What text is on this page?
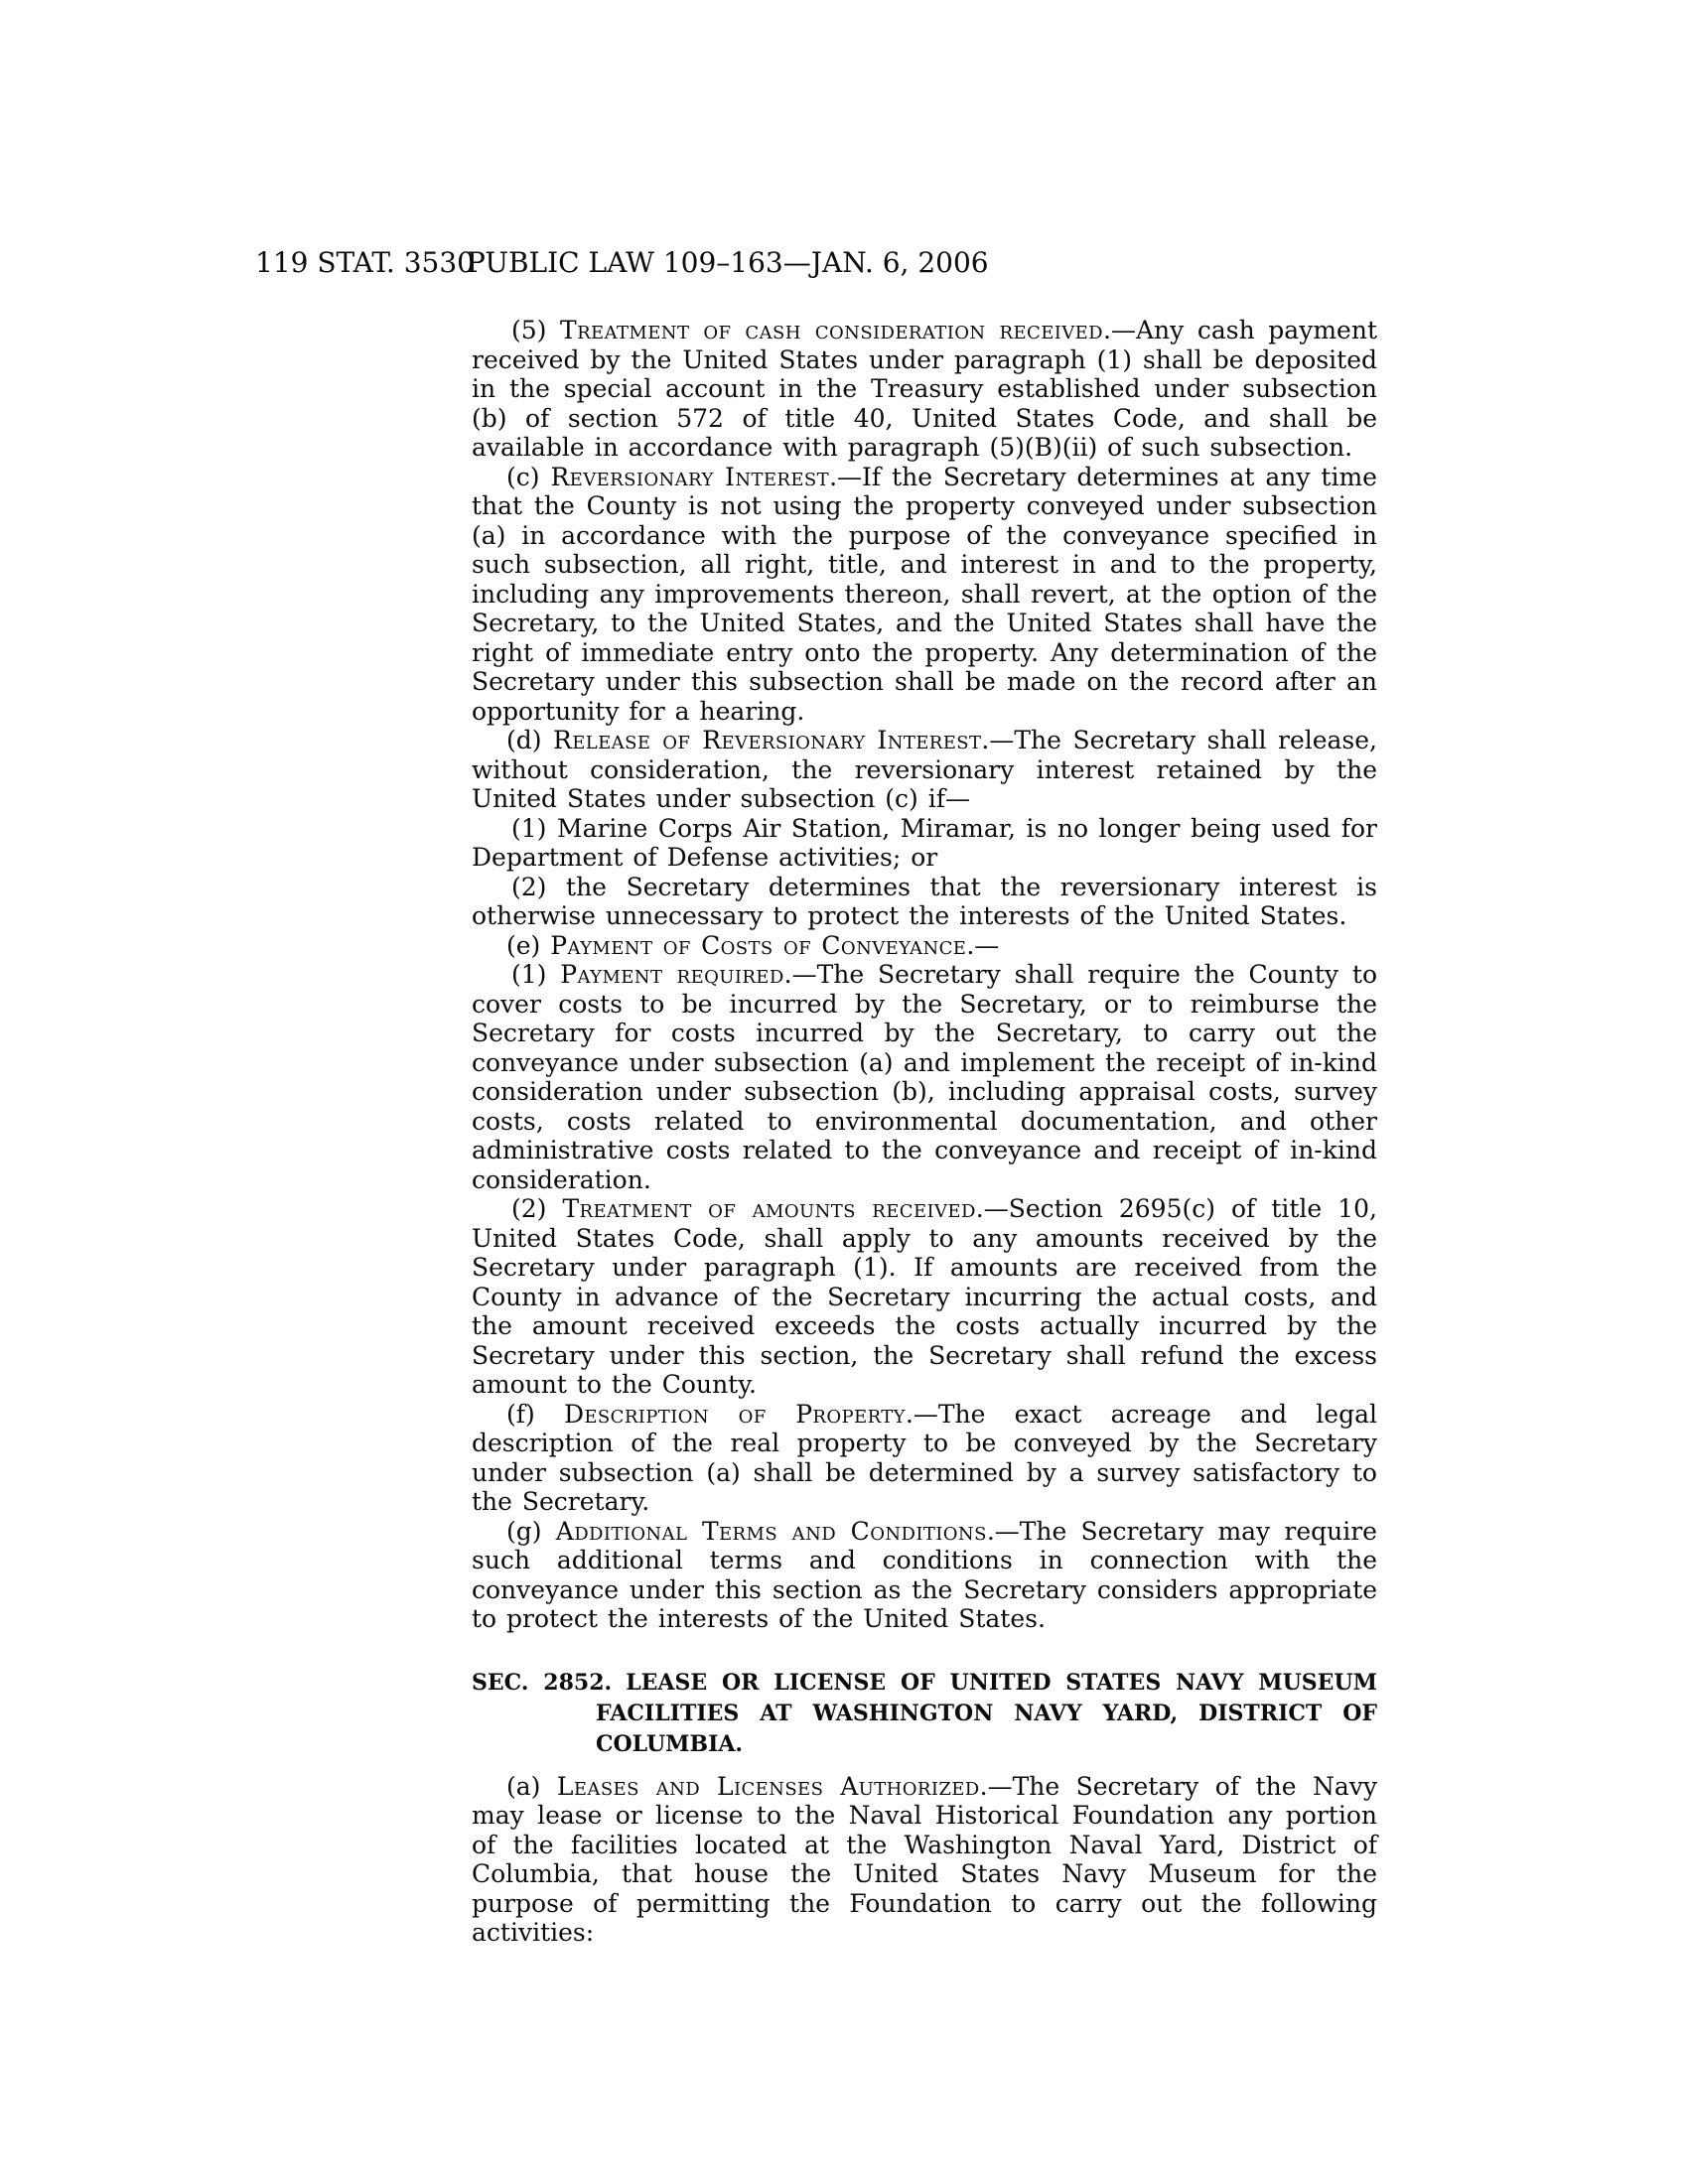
119 STAT. 3530
PUBLIC LAW 109–163—JAN. 6, 2006

(5) Treatment of cash consideration received.—Any cash payment received by the United States under paragraph (1) shall be deposited in the special account in the Treasury established under subsection (b) of section 572 of title 40, United States Code, and shall be available in accordance with paragraph (5)(B)(ii) of such subsection.

(c) Reversionary Interest.—If the Secretary determines at any time that the County is not using the property conveyed under subsection (a) in accordance with the purpose of the conveyance specified in such subsection, all right, title, and interest in and to the property, including any improvements thereon, shall revert, at the option of the Secretary, to the United States, and the United States shall have the right of immediate entry onto the property. Any determination of the Secretary under this subsection shall be made on the record after an opportunity for a hearing.

(d) Release of Reversionary Interest.—The Secretary shall release, without consideration, the reversionary interest retained by the United States under subsection (c) if—

(1) Marine Corps Air Station, Miramar, is no longer being used for Department of Defense activities; or

(2) the Secretary determines that the reversionary interest is otherwise unnecessary to protect the interests of the United States.

(e) Payment of Costs of Conveyance.—

(1) Payment required.—The Secretary shall require the County to cover costs to be incurred by the Secretary, or to reimburse the Secretary for costs incurred by the Secretary, to carry out the conveyance under subsection (a) and implement the receipt of in-kind consideration under subsection (b), including appraisal costs, survey costs, costs related to environmental documentation, and other administrative costs related to the conveyance and receipt of in-kind consideration.

(2) Treatment of amounts received.—Section 2695(c) of title 10, United States Code, shall apply to any amounts received by the Secretary under paragraph (1). If amounts are received from the County in advance of the Secretary incurring the actual costs, and the amount received exceeds the costs actually incurred by the Secretary under this section, the Secretary shall refund the excess amount to the County.

(f) Description of Property.—The exact acreage and legal description of the real property to be conveyed by the Secretary under subsection (a) shall be determined by a survey satisfactory to the Secretary.

(g) Additional Terms and Conditions.—The Secretary may require such additional terms and conditions in connection with the conveyance under this section as the Secretary considers appropriate to protect the interests of the United States.

SEC. 2852. LEASE OR LICENSE OF UNITED STATES NAVY MUSEUM FACILITIES AT WASHINGTON NAVY YARD, DISTRICT OF COLUMBIA.

(a) Leases and Licenses Authorized.—The Secretary of the Navy may lease or license to the Naval Historical Foundation any portion of the facilities located at the Washington Naval Yard, District of Columbia, that house the United States Navy Museum for the purpose of permitting the Foundation to carry out the following activities:
